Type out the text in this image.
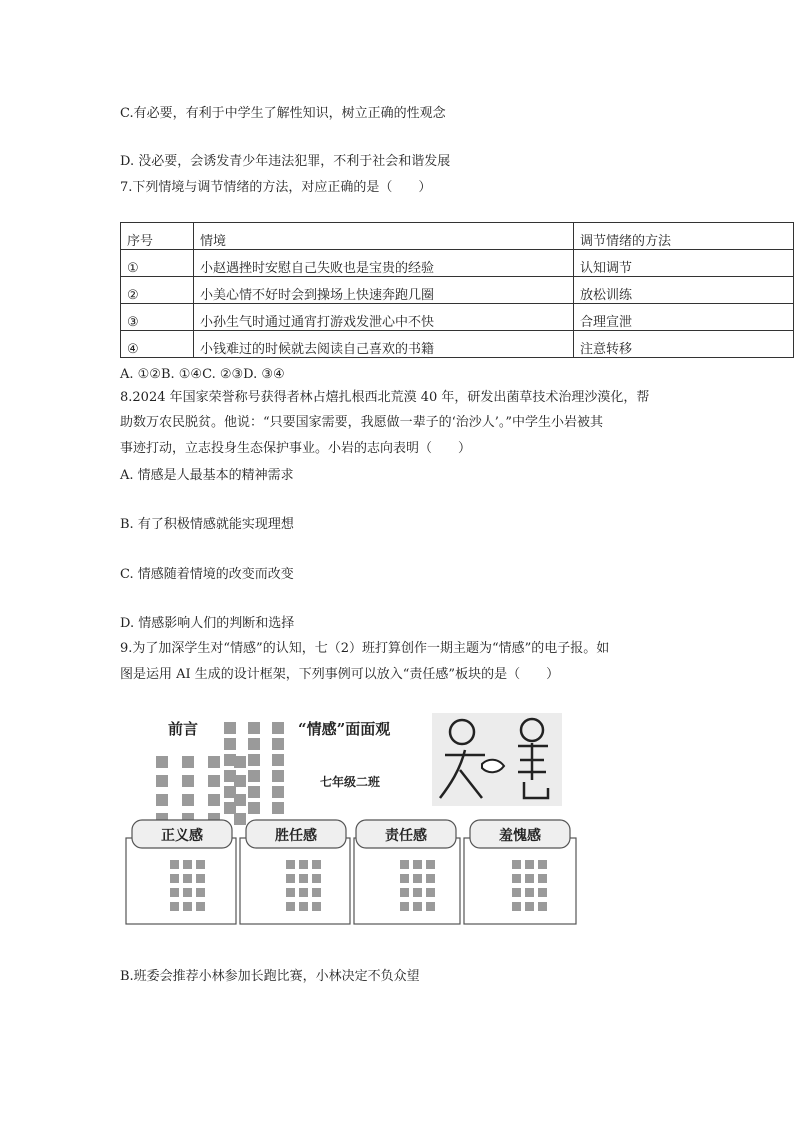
C.有必要，有利于中学生了解性知识，树立正确的性观念
D. 没必要，会诱发青少年违法犯罪，不利于社会和谐发展
7.下列情境与调节情绪的方法，对应正确的是（　　）
序号	情境	调节情绪的方法
①	小赵遇挫时安慰自己失败也是宝贵的经验	认知调节
②	小美心情不好时会到操场上快速奔跑几圈	放松训练
③	小孙生气时通过通宵打游戏发泄心中不快	合理宣泄
④	小钱难过的时候就去阅读自己喜欢的书籍	注意转移
A. ①②B. ①④C. ②③D. ③④
8.2024 年国家荣誉称号获得者林占熺扎根西北荒漠 40 年，研发出菌草技术治理沙漠化，帮
助数万农民脱贫。他说：“只要国家需要，我愿做一辈子的‘治沙人’。”中学生小岩被其
事迹打动，立志投身生态保护事业。小岩的志向表明（　　）
A. 情感是人最基本的精神需求
B. 有了积极情感就能实现理想
C. 情感随着情境的改变而改变
D. 情感影响人们的判断和选择
9.为了加深学生对“情感”的认知，七（2）班打算创作一期主题为“情感”的电子报。如
图是运用 AI 生成的设计框架，下列事例可以放入“责任感”板块的是（　　）
前言	“情感”面面观
七年级二班
正义感	胜任感	责任感	羞愧感
B.班委会推荐小林参加长跑比赛，小林决定不负众望
